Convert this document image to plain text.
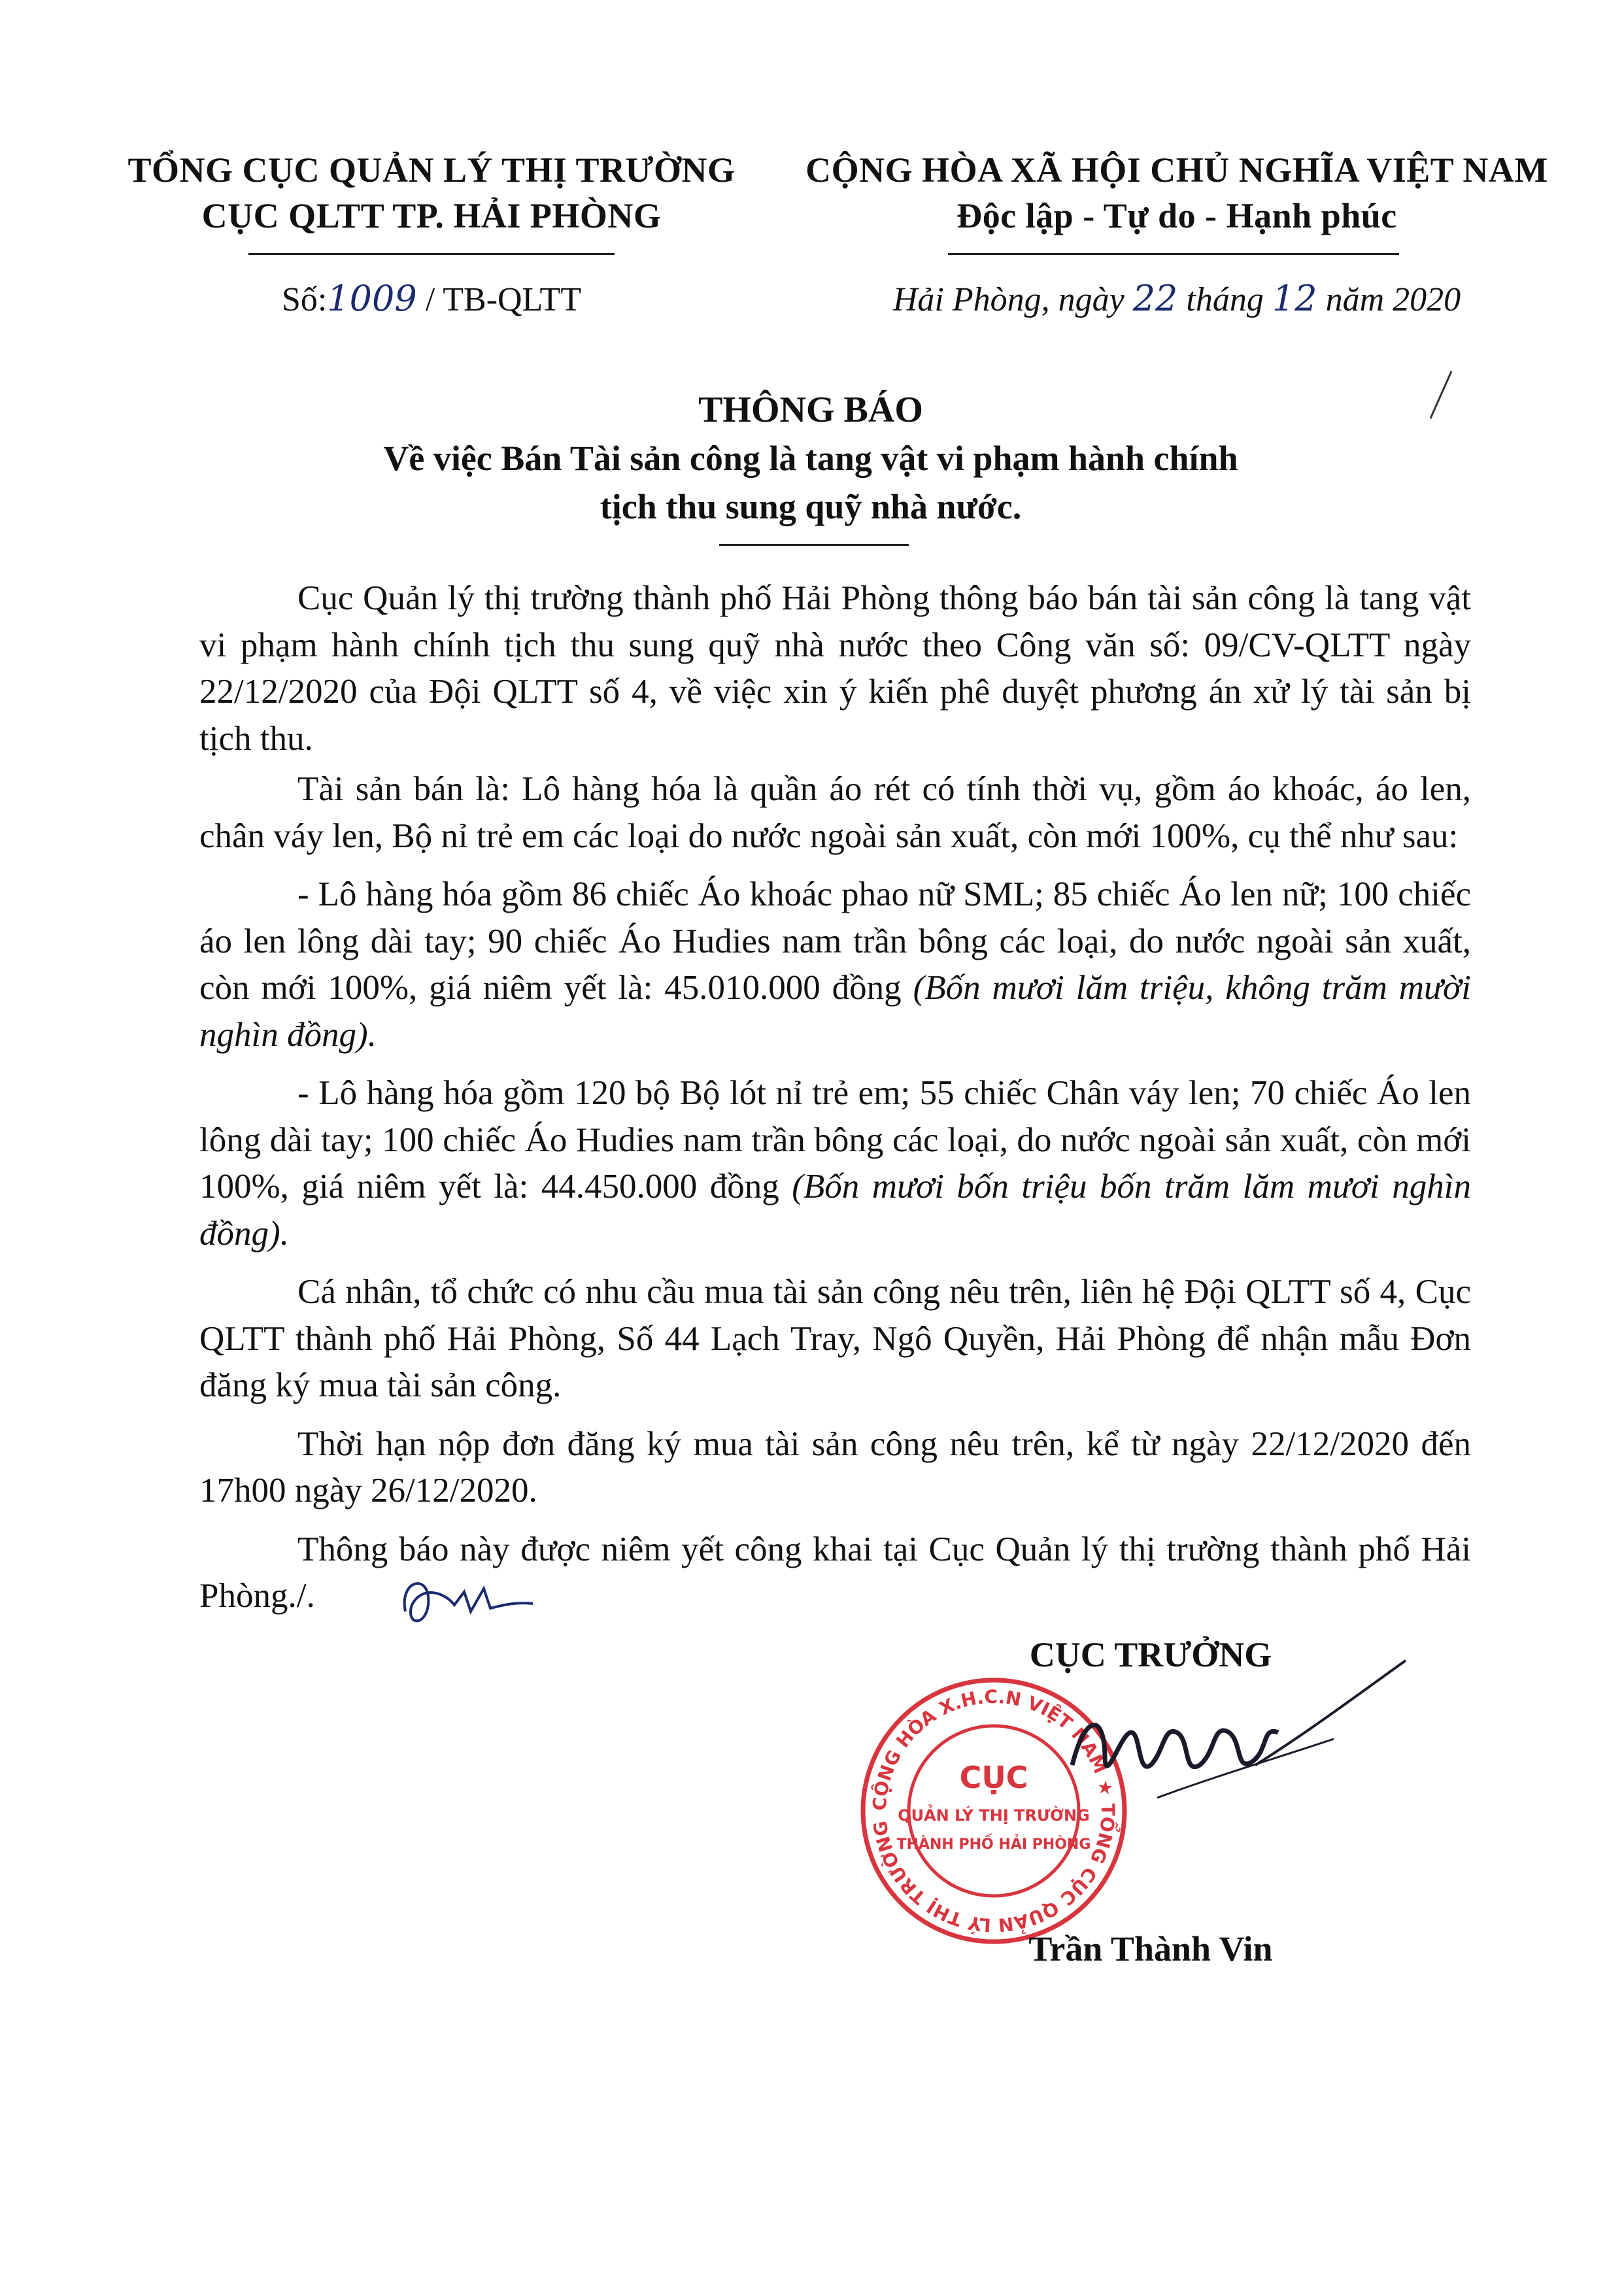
TỔNG CỤC QUẢN LÝ THỊ TRƯỜNG
CỤC QLTT TP. HẢI PHÒNG
CỘNG HÒA XÃ HỘI CHỦ NGHĨA VIỆT NAM
Độc lập - Tự do - Hạnh phúc
Số:1009 / TB-QLTT	Hải Phòng, ngày 22 tháng 12 năm 2020
THÔNG BÁO
Về việc Bán Tài sản công là tang vật vi phạm hành chính
tịch thu sung quỹ nhà nước.

Cục Quản lý thị trường thành phố Hải Phòng thông báo bán tài sản công là tang vật vi phạm hành chính tịch thu sung quỹ nhà nước theo Công văn số: 09/CV-QLTT ngày 22/12/2020 của Đội QLTT số 4, về việc xin ý kiến phê duyệt phương án xử lý tài sản bị tịch thu.

Tài sản bán là: Lô hàng hóa là quần áo rét có tính thời vụ, gồm áo khoác, áo len, chân váy len, Bộ nỉ trẻ em các loại do nước ngoài sản xuất, còn mới 100%, cụ thể như sau:

- Lô hàng hóa gồm 86 chiếc Áo khoác phao nữ SML; 85 chiếc Áo len nữ; 100 chiếc áo len lông dài tay; 90 chiếc Áo Hudies nam trần bông các loại, do nước ngoài sản xuất, còn mới 100%, giá niêm yết là: 45.010.000 đồng (Bốn mươi lăm triệu, không trăm mười nghìn đồng).

- Lô hàng hóa gồm 120 bộ Bộ lót nỉ trẻ em; 55 chiếc Chân váy len; 70 chiếc Áo len lông dài tay; 100 chiếc Áo Hudies nam trần bông các loại, do nước ngoài sản xuất, còn mới 100%, giá niêm yết là: 44.450.000 đồng (Bốn mươi bốn triệu bốn trăm lăm mươi nghìn đồng).

Cá nhân, tổ chức có nhu cầu mua tài sản công nêu trên, liên hệ Đội QLTT số 4, Cục QLTT thành phố Hải Phòng, Số 44 Lạch Tray, Ngô Quyền, Hải Phòng để nhận mẫu Đơn đăng ký mua tài sản công.

Thời hạn nộp đơn đăng ký mua tài sản công nêu trên, kể từ ngày 22/12/2020 đến 17h00 ngày 26/12/2020.

Thông báo này được niêm yết công khai tại Cục Quản lý thị trường thành phố Hải Phòng./.

CỤC TRƯỞNG
CỘNG HÒA X.H.C.N VIỆT NAM ★ TỔNG CỤC QUẢN LÝ THỊ TRƯỜNG
CỤC
QUẢN LÝ THỊ TRƯỜNG
THÀNH PHỐ HẢI PHÒNG
Trần Thành Vin
